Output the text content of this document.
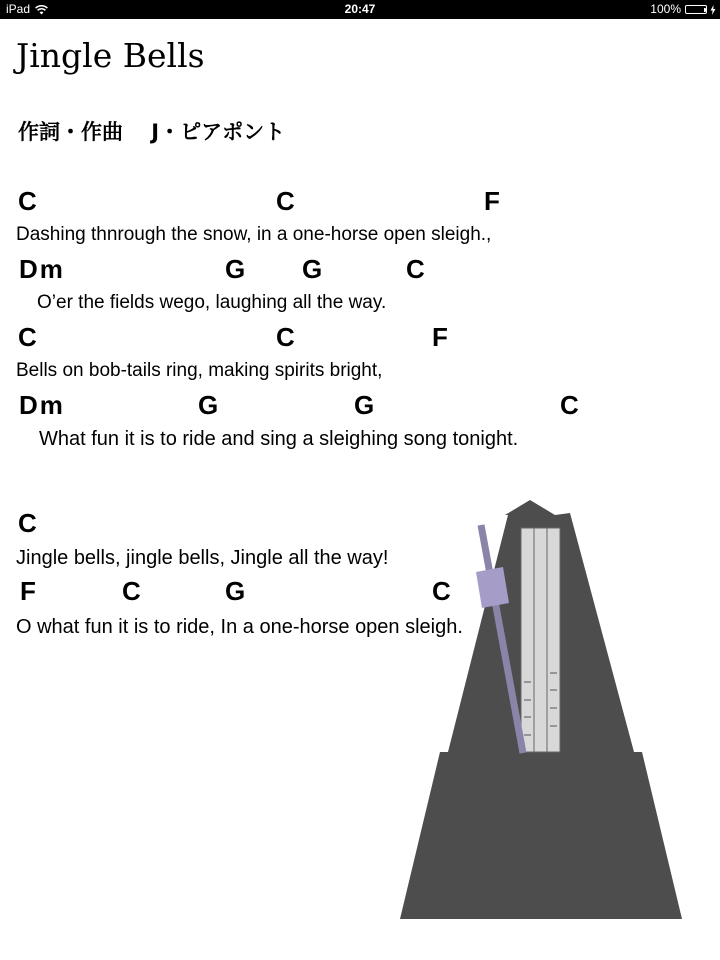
iPad	20:47	100%
Jingle Bells
作詞・作曲　 J・ピアポント
C	C	F
Dashing thnrough the snow, in a one-horse open sleigh.,
Dm	G G	C
O’er the fields wego, laughing all the way.
C	C	F
Bells on bob-tails ring, making spirits bright,
Dm	G	G	C
What fun it is to ride and sing a sleighing song tonight.
C
Jingle bells, jingle bells, Jingle all the way!
F	C	G	C
O what fun it is to ride, In a one-horse open sleigh.
